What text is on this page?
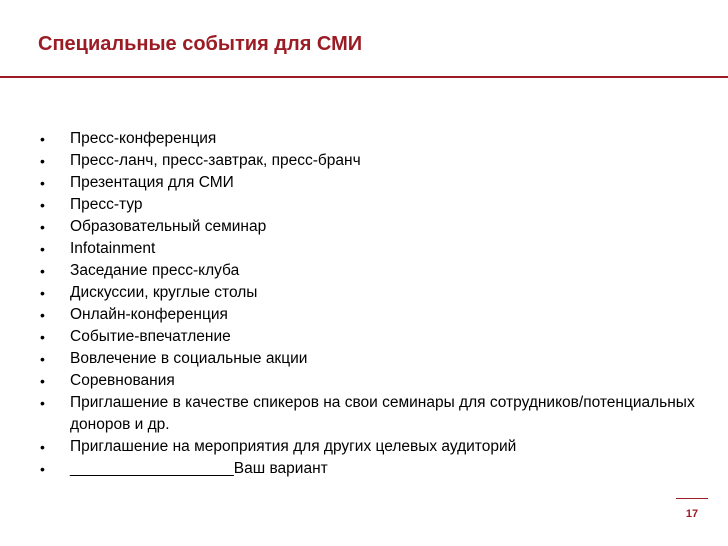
Специальные события для СМИ
•	Пресс-конференция
•	Пресс-ланч, пресс-завтрак, пресс-бранч
•	Презентация для СМИ
•	Пресс-тур
•	Образовательный семинар
•	Infotainment
•	Заседание пресс-клуба
•	Дискуссии, круглые столы
•	Онлайн-конференция
•	Событие-впечатление
•	Вовлечение в социальные акции
•	Соревнования
•	Приглашение в качестве спикеров на свои семинары для сотрудников/потенциальных доноров и др.
•	Приглашение на мероприятия для других целевых аудиторий
•	___________________Ваш вариант
17
